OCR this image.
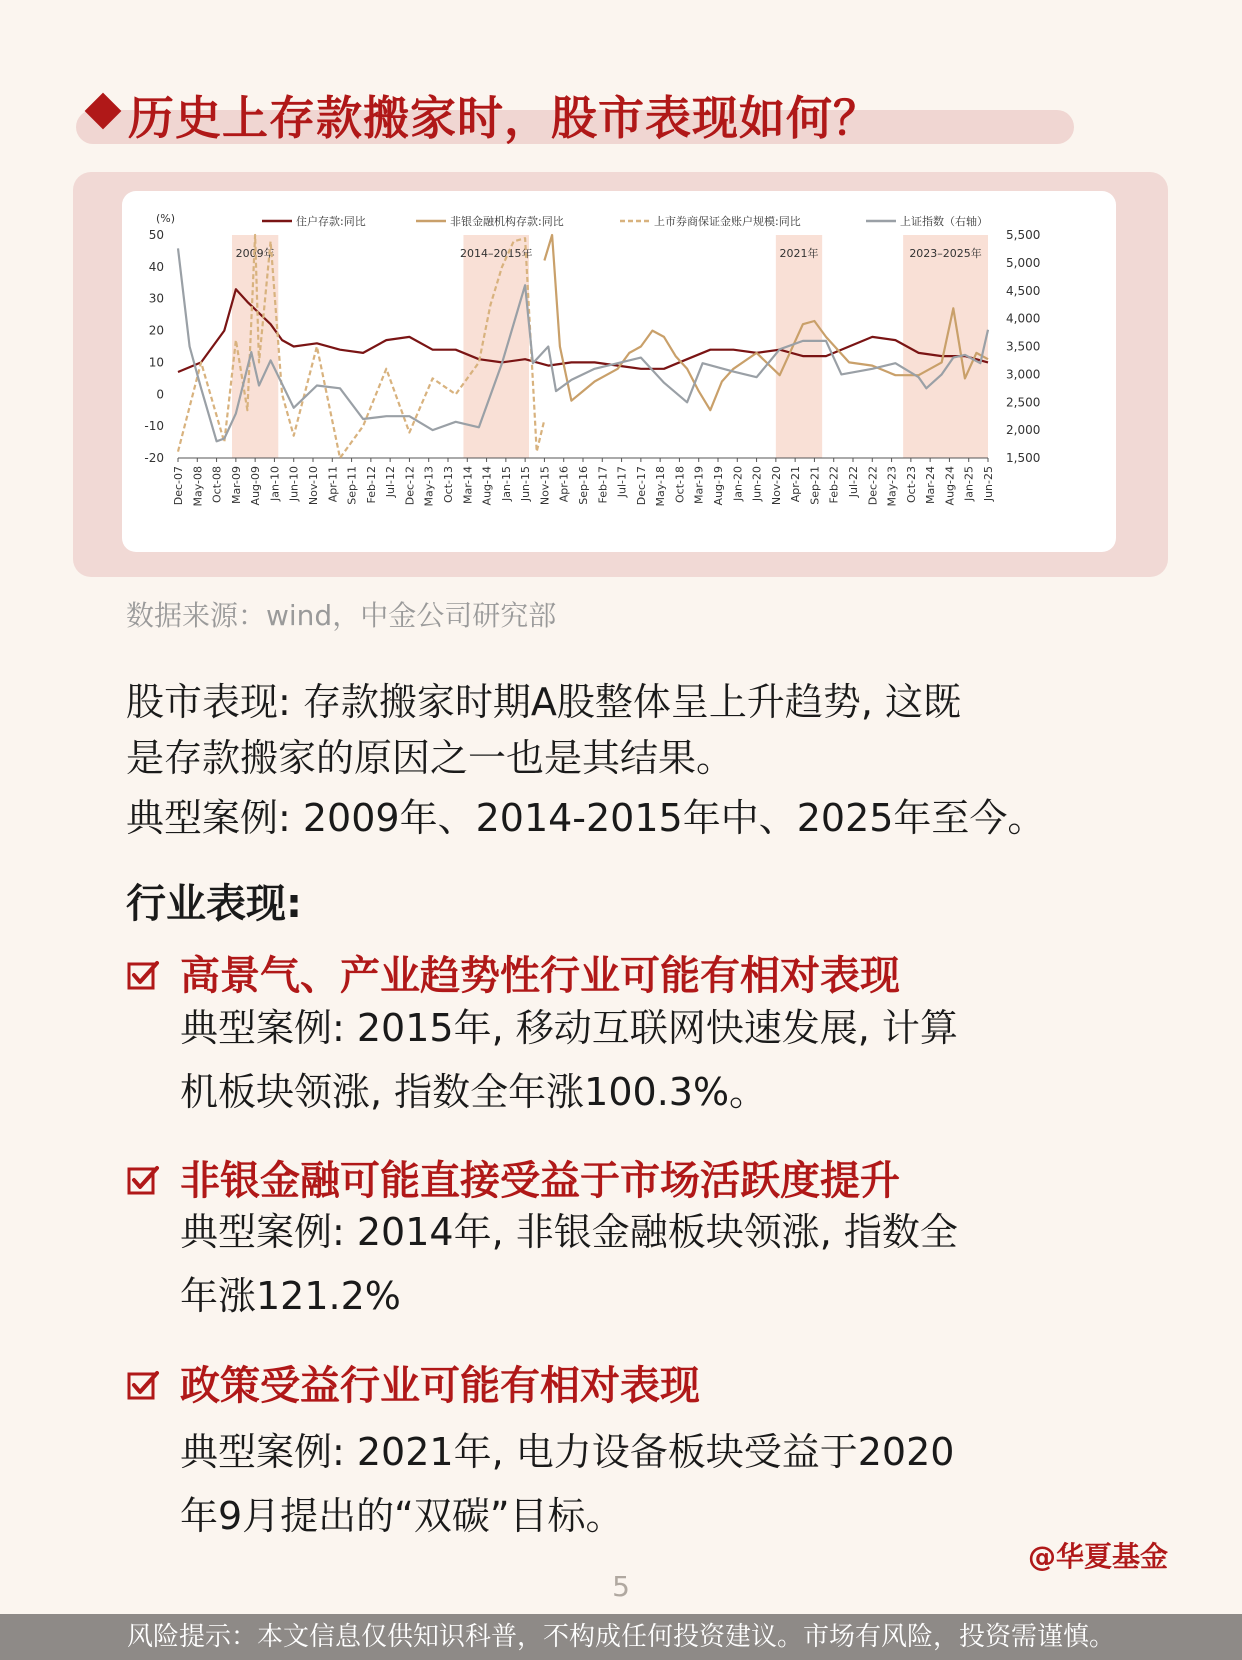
历史上存款搬家时，股市表现如何？
2009年	2014–2015年	2021年	2023–2025年
(%)
50
40
30
20
10
0
-10
-20
5,500
5,000
4,500
4,000
3,500
3,000
2,500
2,000
1,500
Dec-07 May-08 Oct-08 Mar-09 Aug-09 Jan-10 Jun-10 Nov-10 Apr-11 Sep-11 Feb-12 Jul-12 Dec-12 May-13 Oct-13 Mar-14 Aug-14 Jan-15 Jun-15 Nov-15 Apr-16 Sep-16 Feb-17 Jul-17 Dec-17 May-18 Oct-18 Mar-19 Aug-19 Jan-20 Jun-20 Nov-20 Apr-21 Sep-21 Feb-22 Jul-22 Dec-22 May-23 Oct-23 Mar-24 Aug-24 Jan-25 Jun-25
住户存款:同比	非银金融机构存款:同比	上市券商保证金账户规模:同比	上证指数（右轴）
数据来源：wind，中金公司研究部
股市表现: 存款搬家时期A股整体呈上升趋势, 这既
是存款搬家的原因之一也是其结果。
典型案例: 2009年、2014-2015年中、2025年至今。
行业表现:
高景气、产业趋势性行业可能有相对表现
典型案例: 2015年, 移动互联网快速发展, 计算
机板块领涨, 指数全年涨100.3%。
非银金融可能直接受益于市场活跃度提升
典型案例: 2014年, 非银金融板块领涨, 指数全
年涨121.2%
政策受益行业可能有相对表现
典型案例: 2021年, 电力设备板块受益于2020
年9月提出的“双碳”目标。
@华夏基金
5
风险提示：本文信息仅供知识科普，不构成任何投资建议。市场有风险，投资需谨慎。
